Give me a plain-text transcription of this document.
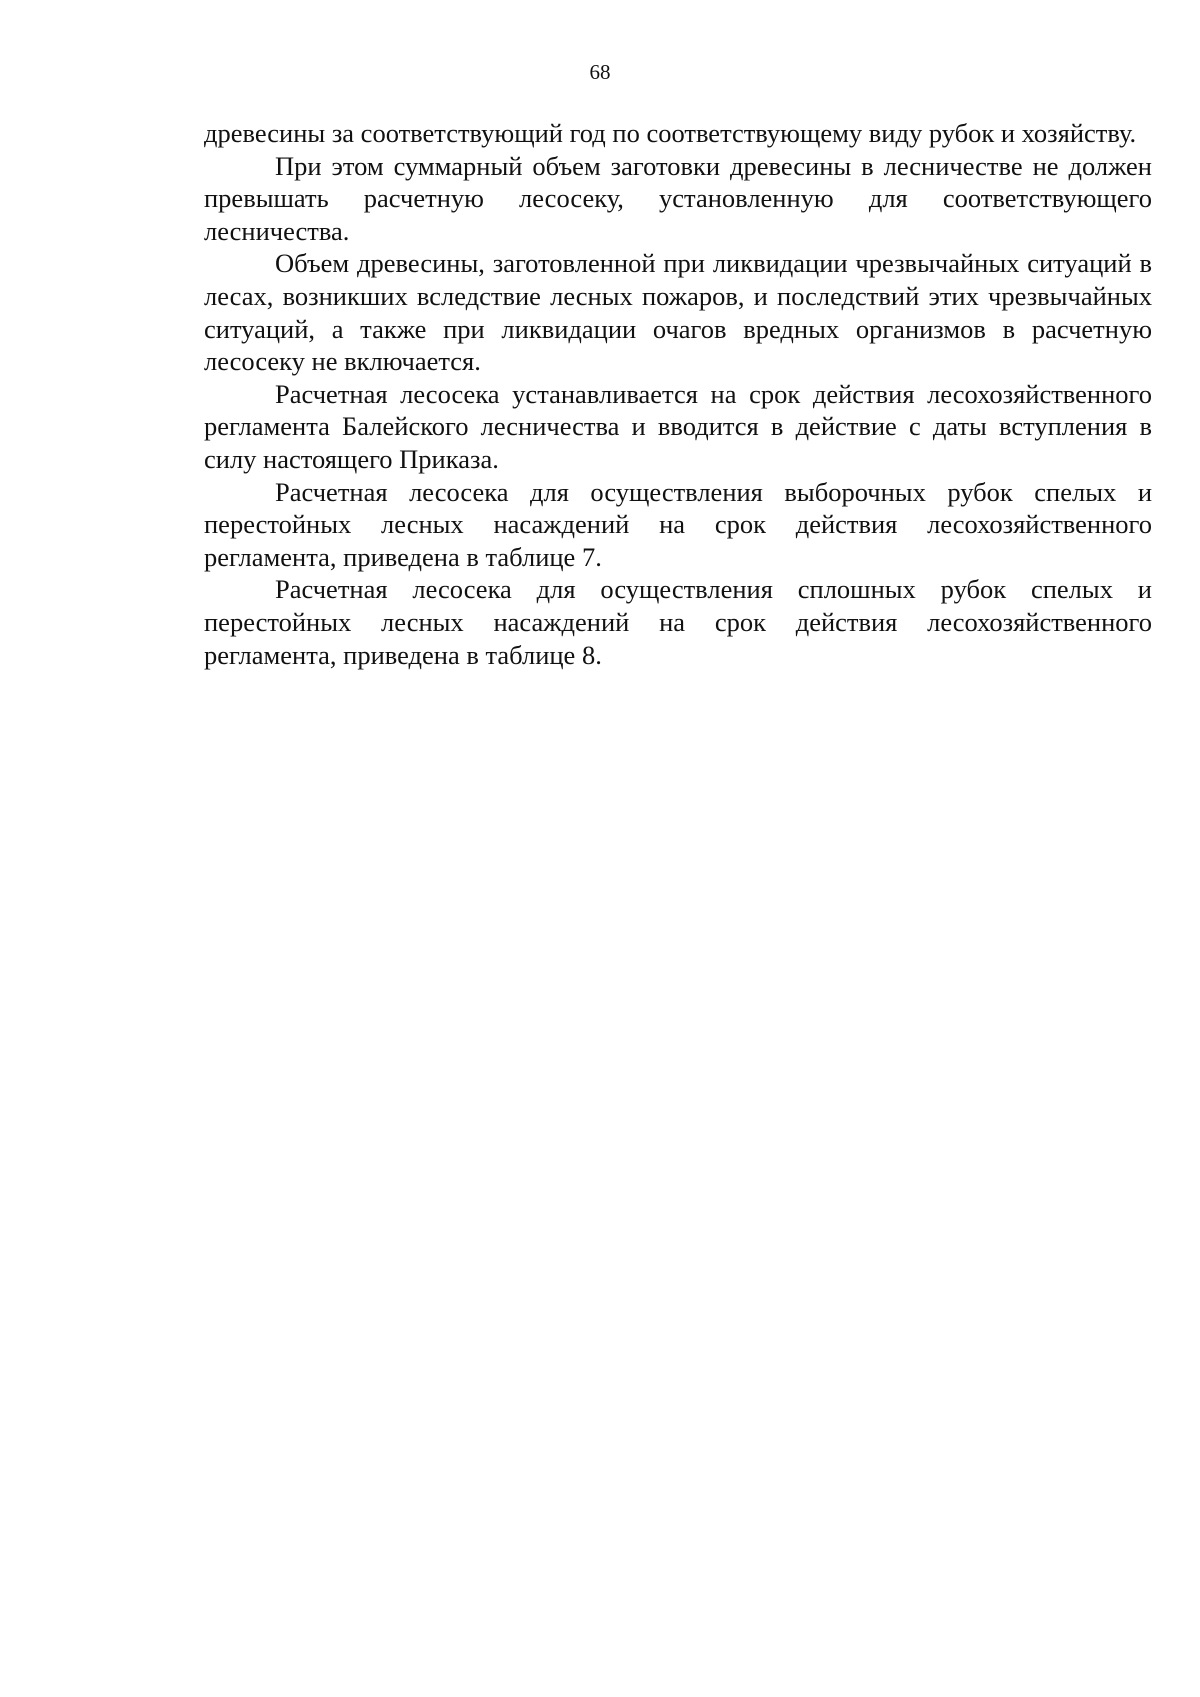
68

древесины за соответствующий год по соответствующему виду рубок и хозяйству.

При этом суммарный объем заготовки древесины в лесничестве не должен превышать расчетную лесосеку, установленную для соответствующего лесничества.

Объем древесины, заготовленной при ликвидации чрезвычайных ситуаций в лесах, возникших вследствие лесных пожаров, и последствий этих чрезвычайных ситуаций, а также при ликвидации очагов вредных организмов в расчетную лесосеку не включается.

Расчетная лесосека устанавливается на срок действия лесохозяйственного регламента Балейского лесничества и вводится в действие с даты вступления в силу настоящего Приказа.

Расчетная лесосека для осуществления выборочных рубок спелых и перестойных лесных насаждений на срок действия лесохозяйственного регламента, приведена в таблице 7.

Расчетная лесосека для осуществления сплошных рубок спелых и перестойных лесных насаждений на срок действия лесохозяйственного регламента, приведена в таблице 8.
